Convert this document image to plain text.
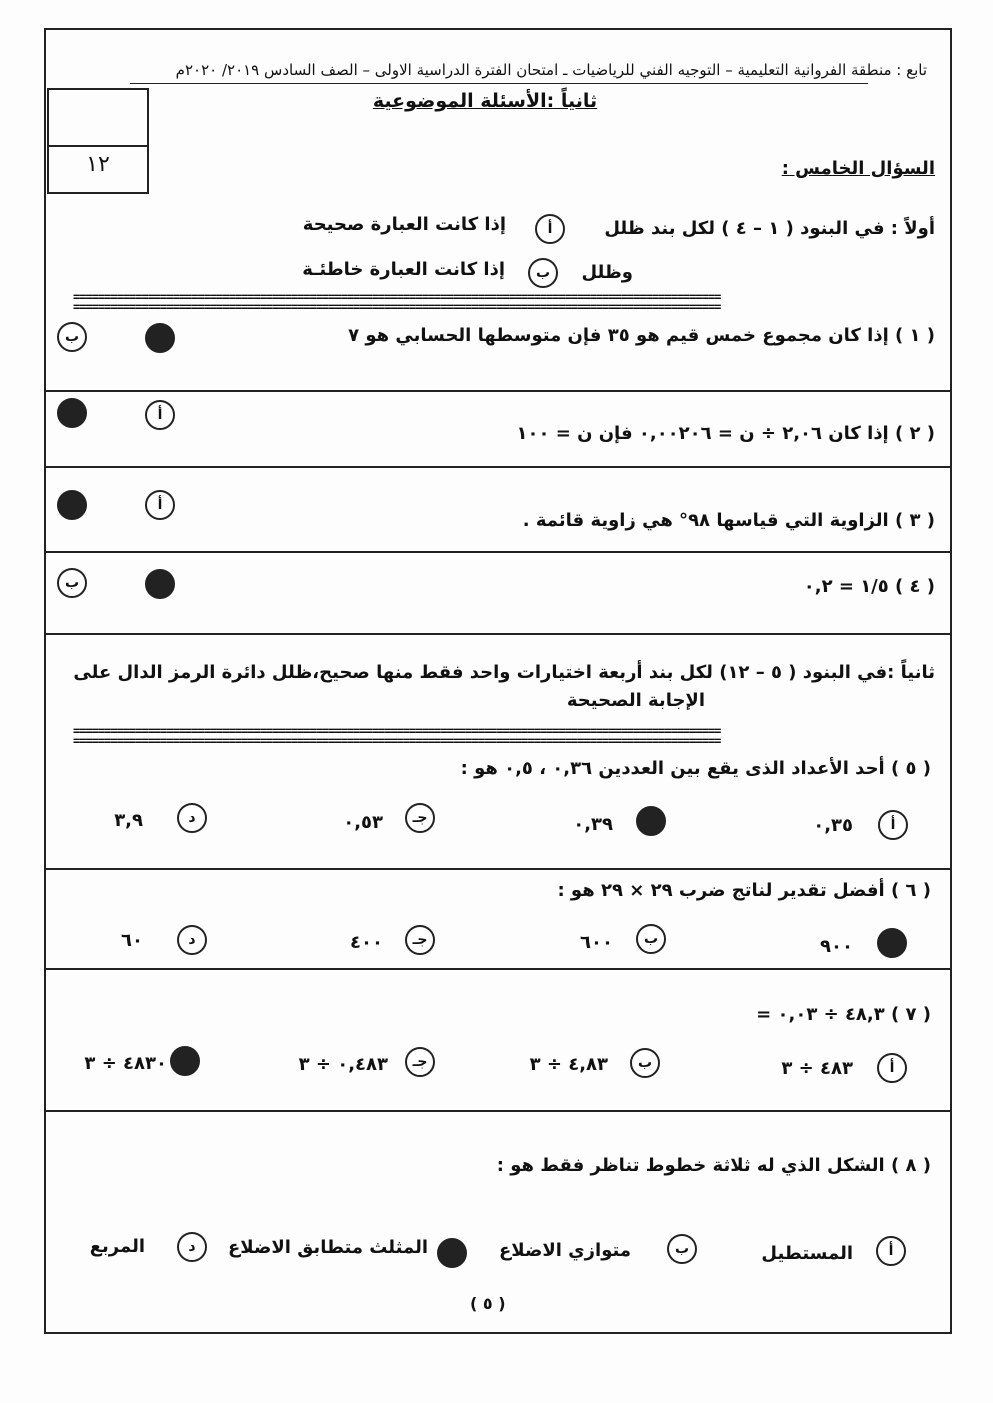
تابع : منطقة الفروانية التعليمية – التوجيه الفني للرياضيات ـ امتحان الفترة الدراسية الاولى – الصف السادس ٢٠١٩/ ٢٠٢٠م
ثانياً :الأسئلة الموضوعية
١٢	السؤال الخامس :
أولاً : في البنود ( ١ – ٤ ) لكل بند ظلل
أ
إذا كانت العبارة صحيحة
وظلل
ب
إذا كانت العبارة خاطئـة
========================================================================================================
========================================================================================================
( ١ ) إذا كان مجموع خمس قيم هو ٣٥ فإن متوسطها الحسابي هو ٧
ب
( ٢ ) إذا كان ٢,٠٦ ÷ ن = ٠,٠٠٢٠٦ فإن ن = ١٠٠
أ
( ٣ ) الزاوية التي قياسها ٩٨° هي زاوية قائمة .
أ
( ٤ ) ١/٥ = ٠,٢
ب
ثانياً :في البنود ( ٥ – ١٢) لكل بند أربعة اختيارات واحد فقط منها صحيح،ظلل دائرة الرمز الدال على
الإجابة الصحيحة
========================================================================================================
========================================================================================================
( ٥ ) أحد الأعداد الذى يقع بين العددين ٠,٣٦ ، ٠,٥ هو :
أ
٠,٣٥
٠,٣٩
جـ
٠,٥٣
د
٣,٩
( ٦ ) أفضل تقدير لناتج ضرب ٢٩ × ٢٩ هو :
٩٠٠
ب
٦٠٠
جـ
٤٠٠
د
٦٠
( ٧ ) ٤٨,٣ ÷ ٠,٠٣ =
أ
٤٨٣ ÷ ٣
ب
٤,٨٣ ÷ ٣
جـ
٠,٤٨٣ ÷ ٣
٤٨٣٠ ÷ ٣
( ٨ ) الشكل الذي له ثلاثة خطوط تناظر فقط هو :
أ
المستطيل
ب
متوازي الاضلاع
المثلث متطابق الاضلاع
د
المربع
( ٥ )
